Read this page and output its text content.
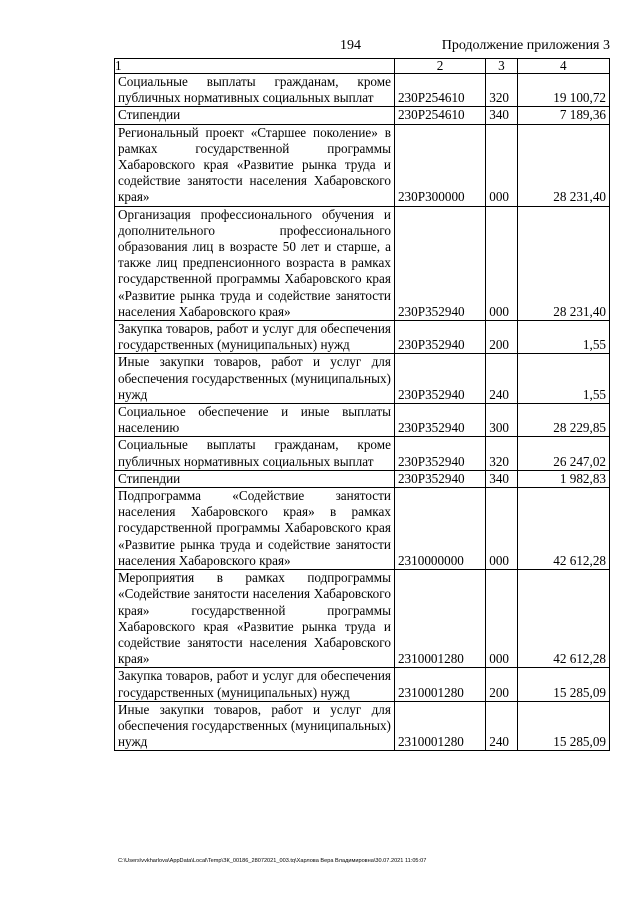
194	Продолжение приложения 3
1	2	3	4
Социальные выплаты гражданам, кроме публичных нормативных социальных выплат	230P254610	320	19 100,72
Стипендии	230P254610	340	7 189,36
Региональный проект «Старшее поколение» в рамках государственной программы Хабаровского края «Развитие рынка труда и содействие занятости населения Хабаровского края»	230P300000	000	28 231,40
Организация профессионального обучения и дополнительного профессионального образования лиц в возрасте 50 лет и старше, а также лиц предпенсионного возраста в рамках государственной программы Хабаровского края «Развитие рынка труда и содействие занятости населения Хабаровского края»	230P352940	000	28 231,40
Закупка товаров, работ и услуг для обеспечения государственных (муниципальных) нужд	230P352940	200	1,55
Иные закупки товаров, работ и услуг для обеспечения государственных (муниципальных) нужд	230P352940	240	1,55
Социальное обеспечение и иные выплаты населению	230P352940	300	28 229,85
Социальные выплаты гражданам, кроме публичных нормативных социальных выплат	230P352940	320	26 247,02
Стипендии	230P352940	340	1 982,83
Подпрограмма «Содействие занятости населения Хабаровского края» в рамках государственной программы Хабаровского края «Развитие рынка труда и содействие занятости населения Хабаровского края»	2310000000	000	42 612,28
Мероприятия в рамках подпрограммы «Содействие занятости населения Хабаровского края» государственной программы Хабаровского края «Развитие рынка труда и содействие занятости населения Хабаровского края»	2310001280	000	42 612,28
Закупка товаров, работ и услуг для обеспечения государственных (муниципальных) нужд	2310001280	200	15 285,09
Иные закупки товаров, работ и услуг для обеспечения государственных (муниципальных) нужд	2310001280	240	15 285,09
C:\Users\vvkharlova\AppData\Local\Temp\ЗК_00186_28072021_003.tq\Харлова Вера Владимировна\30.07.2021 11:05:07
